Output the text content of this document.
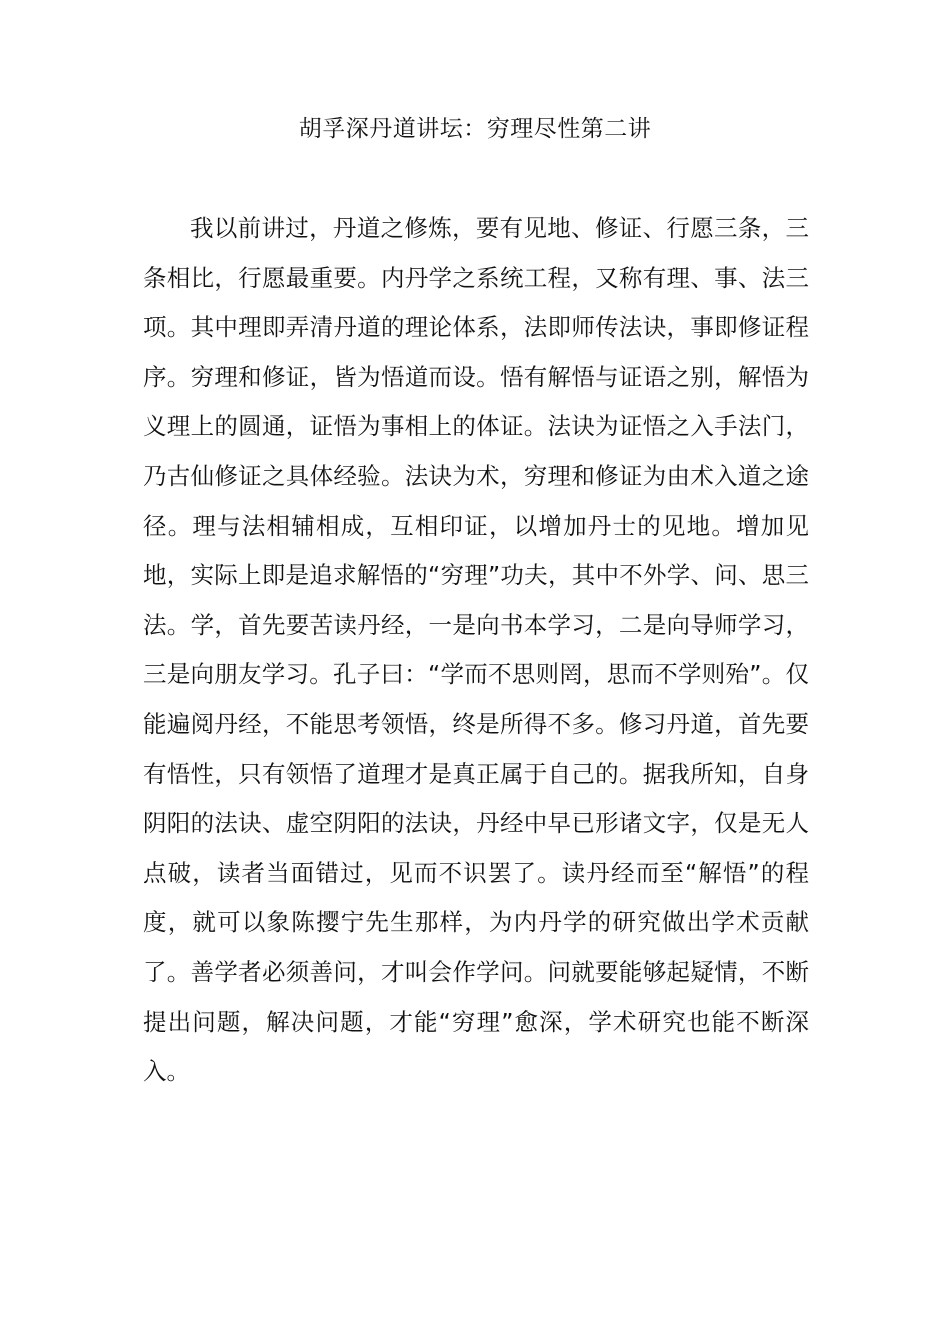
胡孚深丹道讲坛：穷理尽性第二讲

我以前讲过，丹道之修炼，要有见地、修证、行愿三条，三条相比，行愿最重要。内丹学之系统工程，又称有理、事、法三项。其中理即弄清丹道的理论体系，法即师传法诀，事即修证程序。穷理和修证，皆为悟道而设。悟有解悟与证语之别，解悟为义理上的圆通，证悟为事相上的体证。法诀为证悟之入手法门，乃古仙修证之具体经验。法诀为术，穷理和修证为由术入道之途径。理与法相辅相成，互相印证，以增加丹士的见地。增加见地，实际上即是追求解悟的“穷理”功夫，其中不外学、问、思三法。学，首先要苦读丹经，一是向书本学习，二是向导师学习，三是向朋友学习。孔子曰：“学而不思则罔，思而不学则殆”。仅能遍阅丹经，不能思考领悟，终是所得不多。修习丹道，首先要有悟性，只有领悟了道理才是真正属于自己的。据我所知，自身阴阳的法诀、虚空阴阳的法诀，丹经中早已形诸文字，仅是无人点破，读者当面错过，见而不识罢了。读丹经而至“解悟”的程度，就可以象陈撄宁先生那样，为内丹学的研究做出学术贡献了。善学者必须善问，才叫会作学问。问就要能够起疑情，不断提出问题，解决问题，才能“穷理”愈深，学术研究也能不断深入。
